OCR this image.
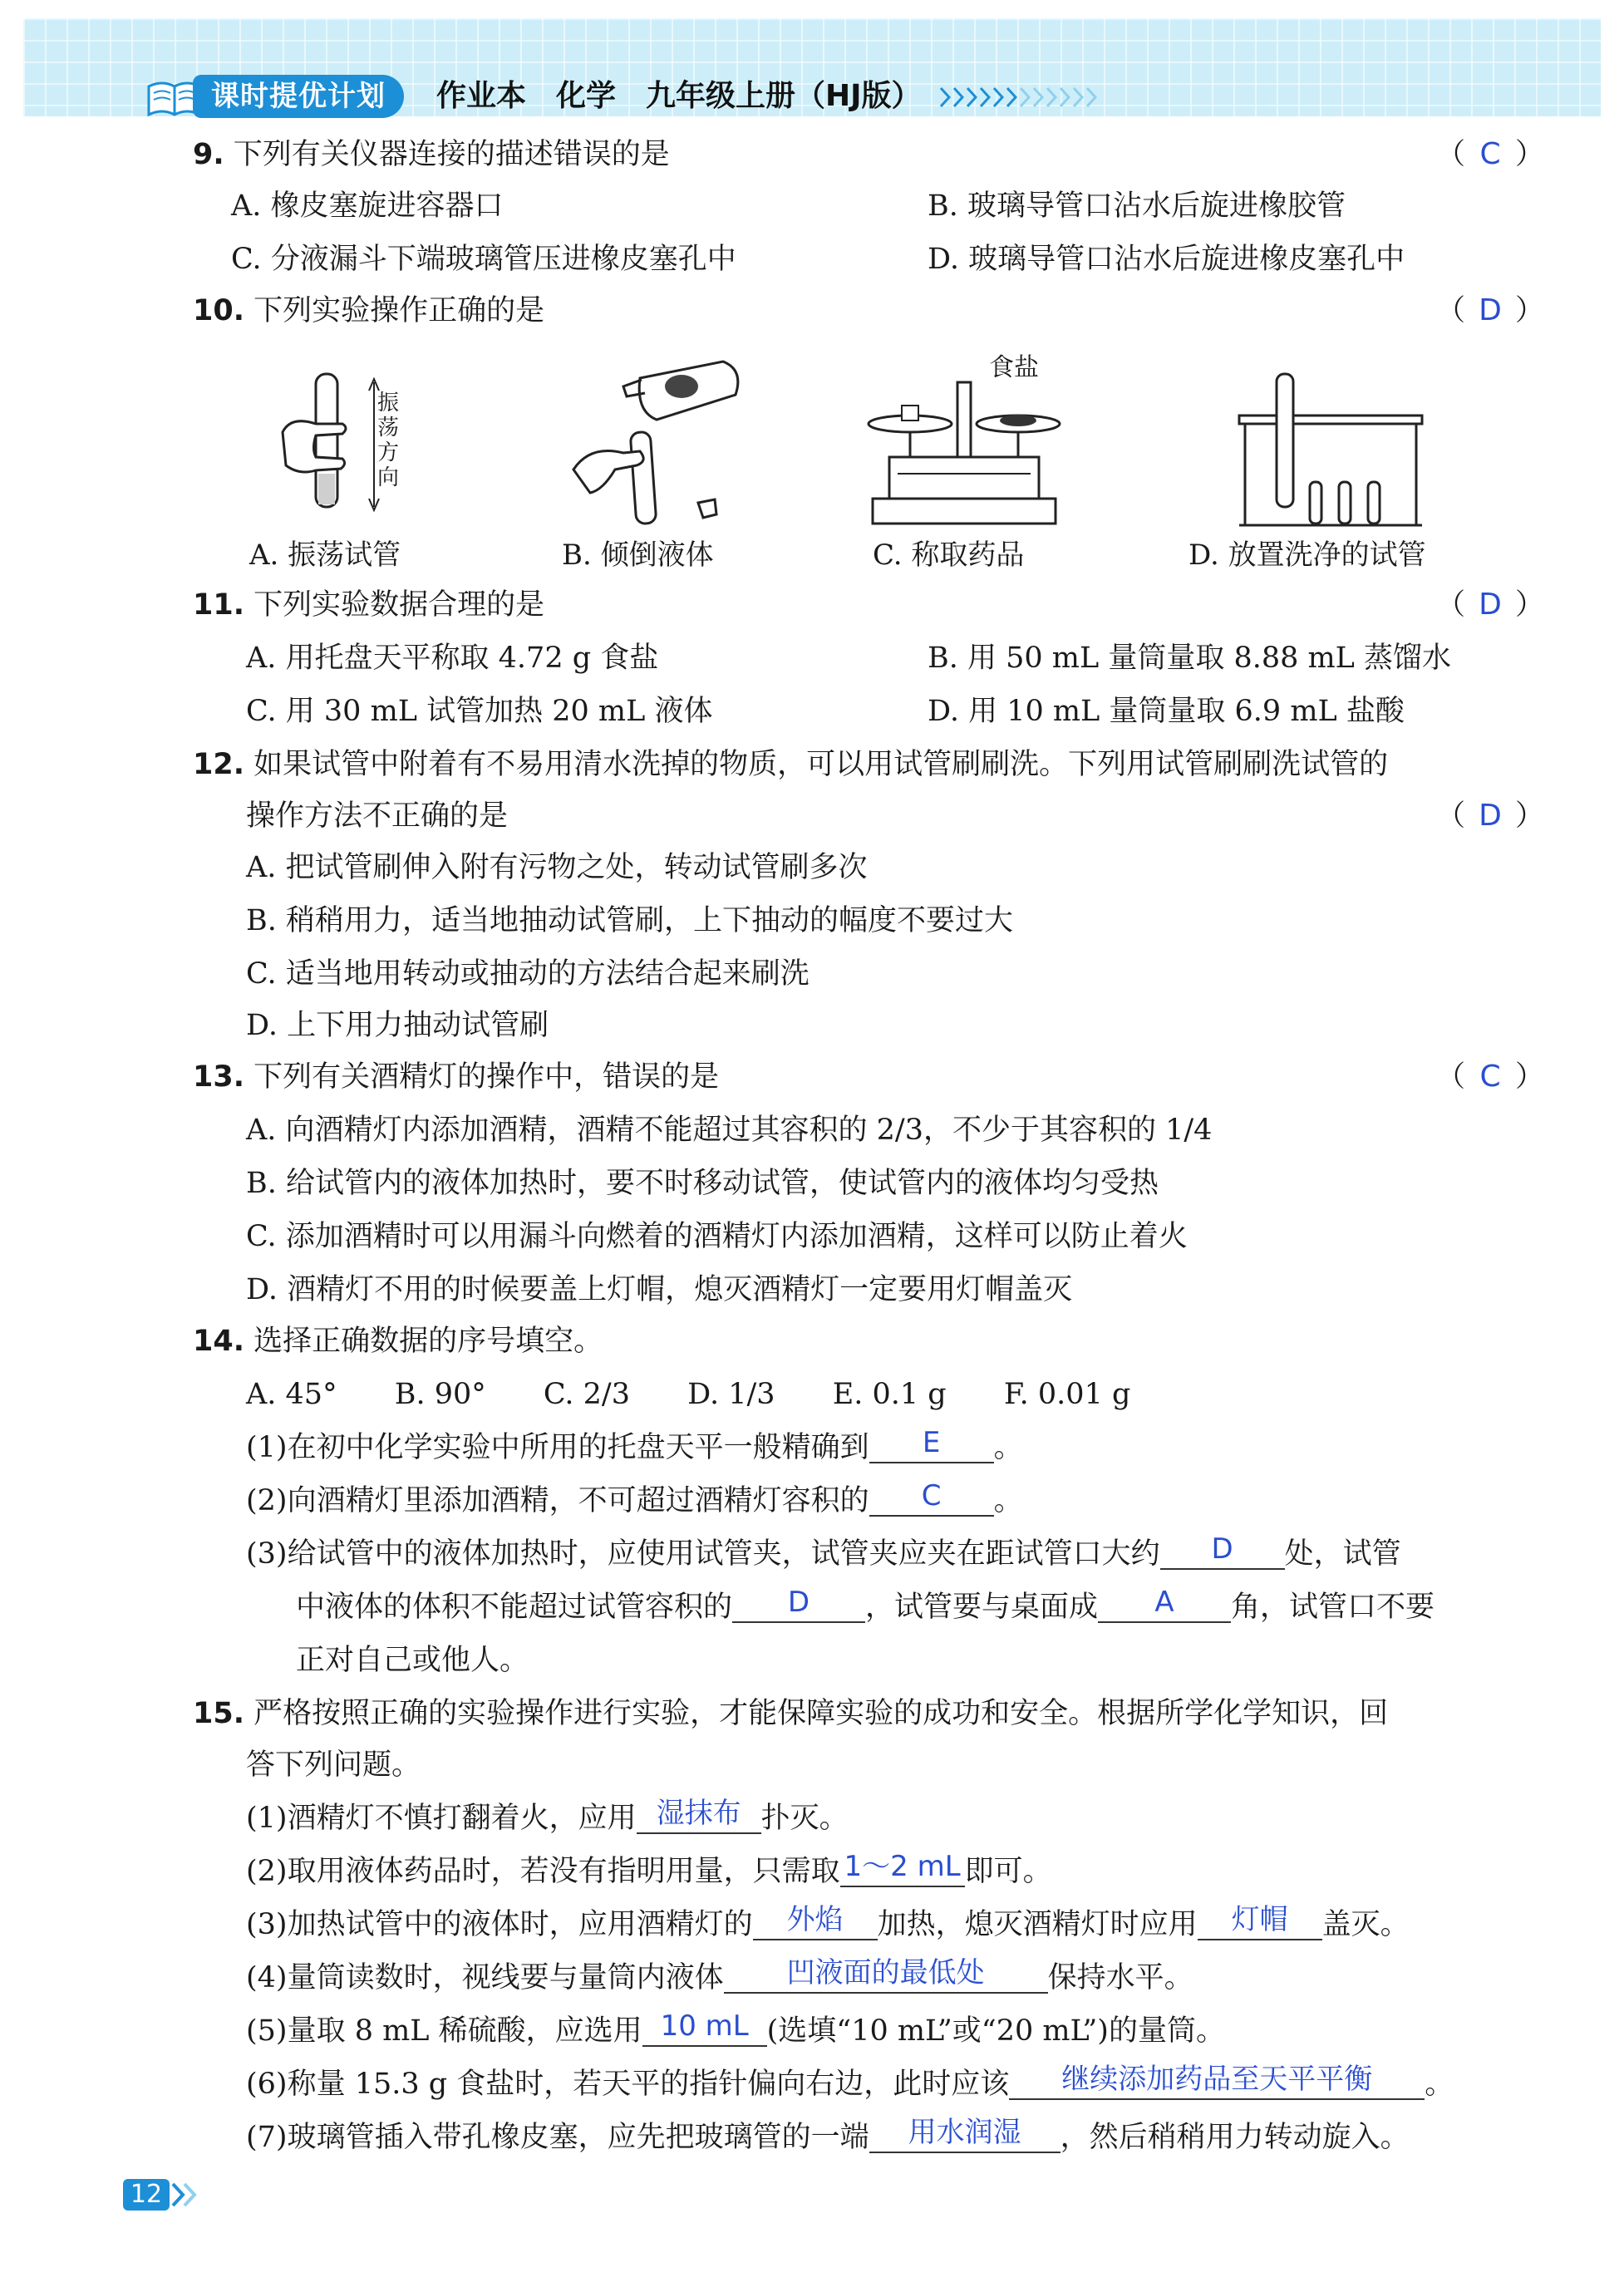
课时提优计划	作业本　化学　九年级上册（HJ版）
9. 下列有关仪器连接的描述错误的是	（ C ）
A. 橡皮塞旋进容器口	B. 玻璃导管口沾水后旋进橡胶管
C. 分液漏斗下端玻璃管压进橡皮塞孔中	D. 玻璃导管口沾水后旋进橡皮塞孔中
10. 下列实验操作正确的是	（ D ）
振荡方向
食盐
A. 振荡试管	B. 倾倒液体	C. 称取药品	D. 放置洗净的试管
11. 下列实验数据合理的是	（ D ）
A. 用托盘天平称取 4.72 g 食盐	B. 用 50 mL 量筒量取 8.88 mL 蒸馏水
C. 用 30 mL 试管加热 20 mL 液体	D. 用 10 mL 量筒量取 6.9 mL 盐酸
12. 如果试管中附着有不易用清水洗掉的物质，可以用试管刷刷洗。下列用试管刷刷洗试管的
操作方法不正确的是	（ D ）
A. 把试管刷伸入附有污物之处，转动试管刷多次
B. 稍稍用力，适当地抽动试管刷，上下抽动的幅度不要过大
C. 适当地用转动或抽动的方法结合起来刷洗
D. 上下用力抽动试管刷
13. 下列有关酒精灯的操作中，错误的是	（ C ）
A. 向酒精灯内添加酒精，酒精不能超过其容积的 2/3，不少于其容积的 1/4
B. 给试管内的液体加热时，要不时移动试管，使试管内的液体均匀受热
C. 添加酒精时可以用漏斗向燃着的酒精灯内添加酒精，这样可以防止着火
D. 酒精灯不用的时候要盖上灯帽，熄灭酒精灯一定要用灯帽盖灭
14. 选择正确数据的序号填空。
A. 45° B. 90° C. 2/3 D. 1/3 E. 0.1 g F. 0.01 g
(1)在初中化学实验中所用的托盘天平一般精确到 E 。
(2)向酒精灯里添加酒精，不可超过酒精灯容积的 C 。
(3)给试管中的液体加热时，应使用试管夹，试管夹应夹在距试管口大约 D 处，试管
中液体的体积不能超过试管容积的 D ，试管要与桌面成 A 角，试管口不要
正对自己或他人。
15. 严格按照正确的实验操作进行实验，才能保障实验的成功和安全。根据所学化学知识，回
答下列问题。
(1)酒精灯不慎打翻着火，应用 湿抹布 扑灭。
(2)取用液体药品时，若没有指明用量，只需取 1～2 mL 即可。
(3)加热试管中的液体时，应用酒精灯的 外焰 加热，熄灭酒精灯时应用 灯帽 盖灭。
(4)量筒读数时，视线要与量筒内液体 凹液面的最低处 保持水平。
(5)量取 8 mL 稀硫酸，应选用 10 mL (选填“10 mL”或“20 mL”)的量筒。
(6)称量 15.3 g 食盐时，若天平的指针偏向右边，此时应该 继续添加药品至天平平衡 。
(7)玻璃管插入带孔橡皮塞，应先把玻璃管的一端 用水润湿 ，然后稍稍用力转动旋入。
12
